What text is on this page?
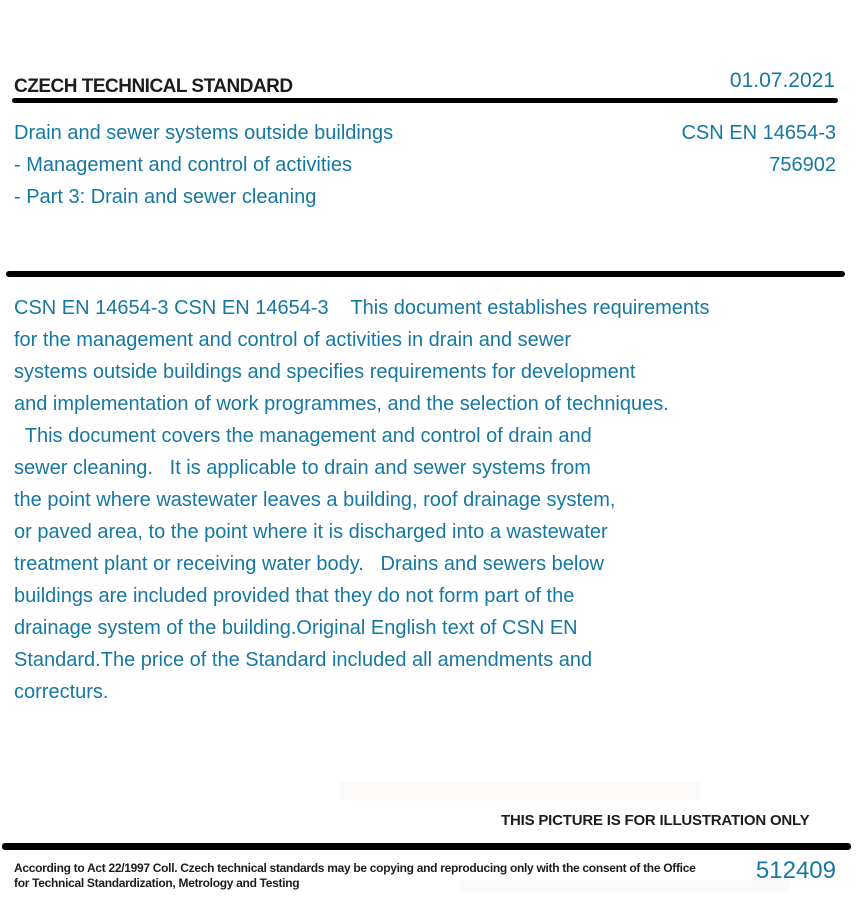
CZECH TECHNICAL STANDARD	01.07.2021
Drain and sewer systems outside buildings
- Management and control of activities
- Part 3: Drain and sewer cleaning
CSN EN 14654-3
756902
CSN EN 14654-3 CSN EN 14654-3    This document establishes requirements
for the management and control of activities in drain and sewer
systems outside buildings and specifies requirements for development
and implementation of work programmes, and the selection of techniques.
This document covers the management and control of drain and
sewer cleaning.   It is applicable to drain and sewer systems from
the point where wastewater leaves a building, roof drainage system,
or paved area, to the point where it is discharged into a wastewater
treatment plant or receiving water body.   Drains and sewers below
buildings are included provided that they do not form part of the
drainage system of the building.Original English text of CSN EN
Standard.The price of the Standard included all amendments and
correcturs.
THIS PICTURE IS FOR ILLUSTRATION ONLY
According to Act 22/1997 Coll. Czech technical standards may be copying and reproducing only with the consent of the Office
for Technical Standardization, Metrology and Testing	512409
